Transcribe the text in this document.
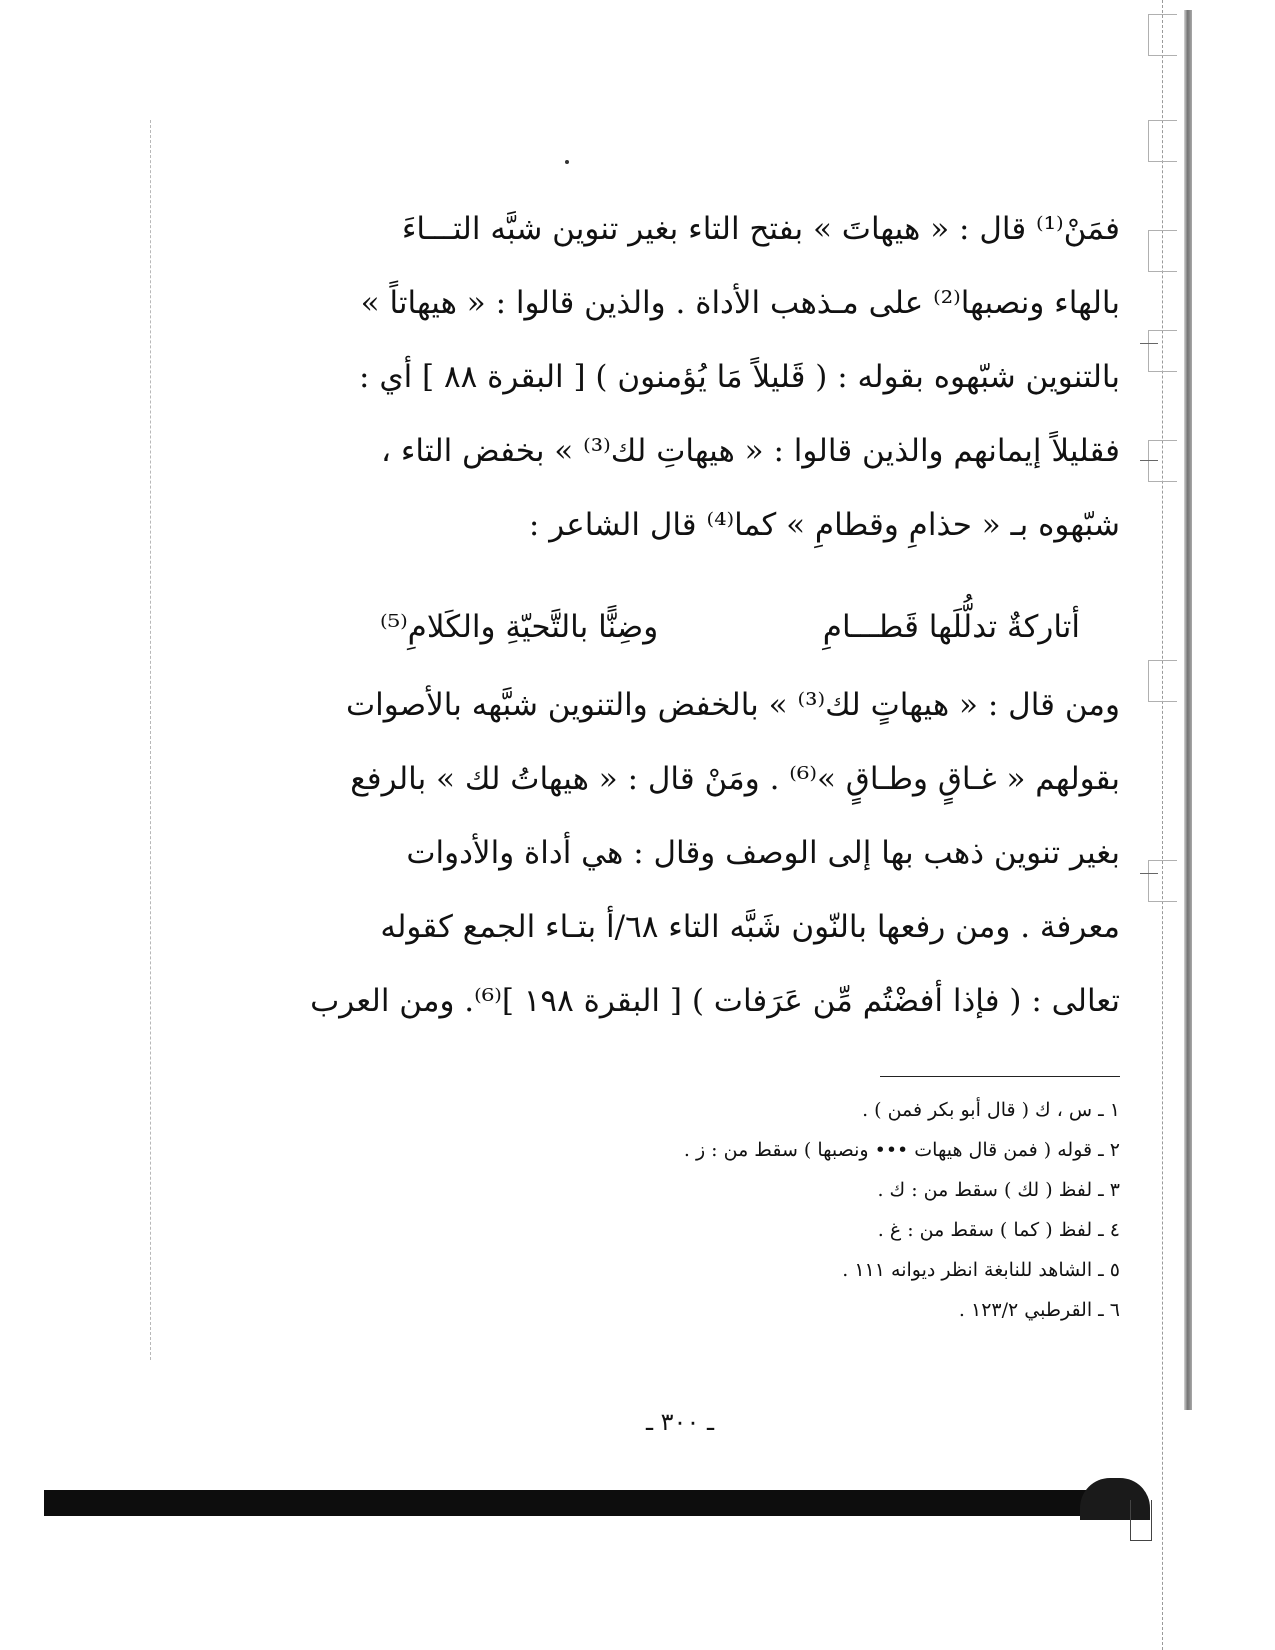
فمَنْ⁽¹⁾ قال : « هيهاتَ » بفتح التاء بغير تنوين شبَّه التـــاءَ
بالهاء ونصبها⁽²⁾ على مـذهب الأداة . والذين قالوا : « هيهاتاً »
بالتنوين شبّهوه بقوله : ( قَليلاً مَا يُؤمنون ) [ البقرة ٨٨ ] أي :
فقليلاً إيمانهم والذين قالوا : « هيهاتِ لك⁽³⁾ » بخفض التاء ،
شبّهوه بـ « حذامِ وقطامِ » كما⁽⁴⁾ قال الشاعر :
أتاركةٌ تدلُّلَها قَطـــامِ
وضِنًّا بالتَّحيّةِ والكَلامِ⁽⁵⁾
ومن قال : « هيهاتٍ لك⁽³⁾ » بالخفض والتنوين شبَّهه بالأصوات
بقولهم « غـاقٍ وطـاقٍ »⁽⁶⁾ . ومَنْ قال : « هيهاتُ لك » بالرفع
بغير تنوين ذهب بها إلى الوصف وقال : هي أداة والأدوات
معرفة . ومن رفعها بالنّون شَبَّه التاء ٦٨/أ بتـاء الجمع كقوله
تعالى : ( فإذا أفضْتُم مِّن عَرَفات ) [ البقرة ١٩٨ ]⁽⁶⁾. ومن العرب
١ ـ س ، ك ( قال أبو بكر فمن ) .
٢ ـ قوله ( فمن قال هيهات ••• ونصبها ) سقط من : ز .
٣ ـ لفظ ( لك ) سقط من : ك .
٤ ـ لفظ ( كما ) سقط من : غ .
٥ ـ الشاهد للنابغة انظر ديوانه ١١١ .
٦ ـ القرطبي ١٢٣/٢ .
ـ ٣٠٠ ـ
